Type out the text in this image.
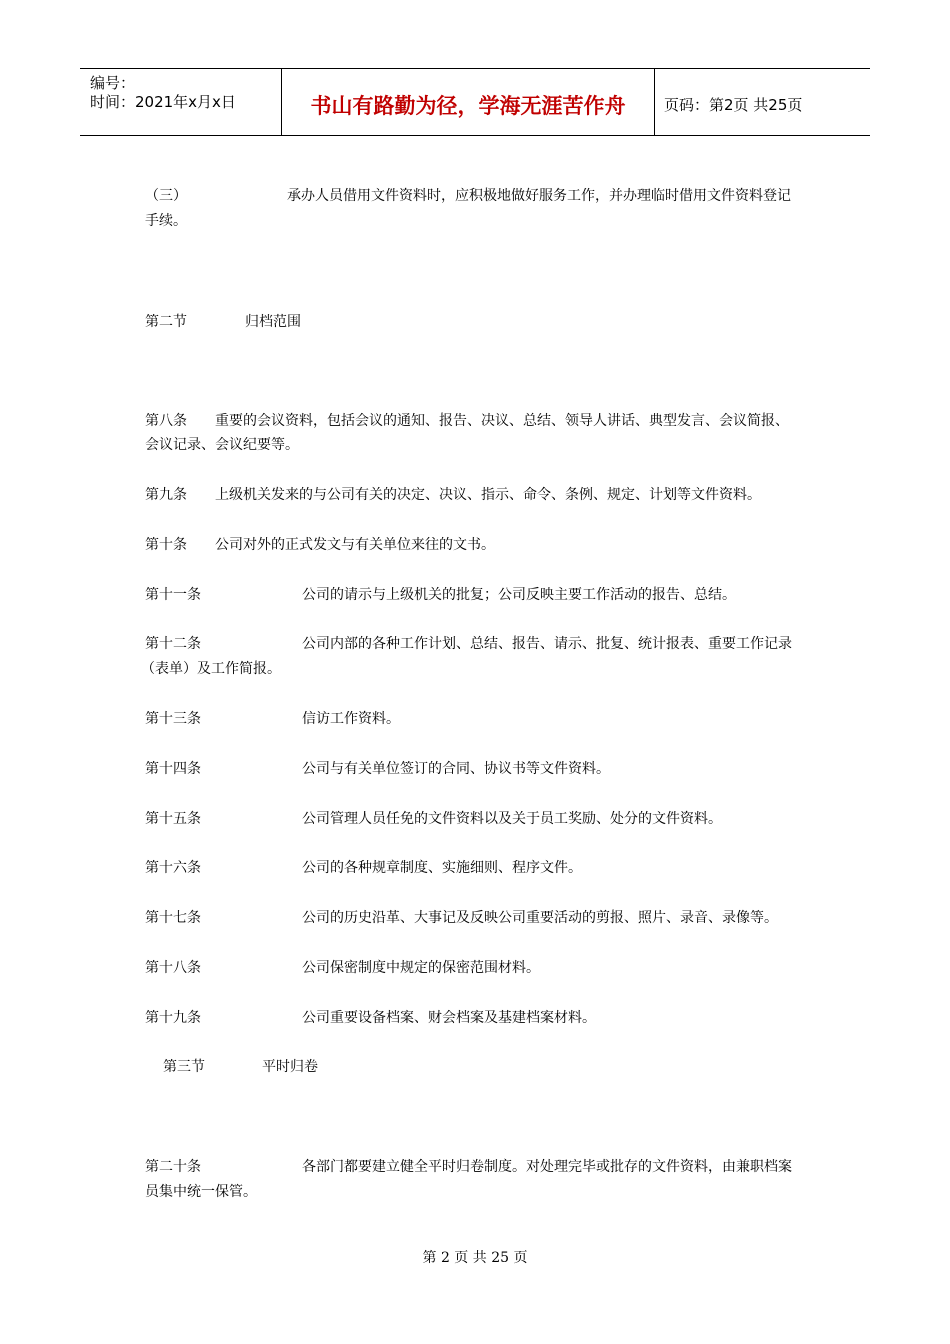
编号：
时间：2021年x月x日	书山有路勤为径，学海无涯苦作舟	页码：第2页 共25页
（三）	承办人员借用文件资料时，应积极地做好服务工作，并办理临时借用文件资料登记
手续。
第二节	归档范围
第八条 重要的会议资料，包括会议的通知、报告、决议、总结、领导人讲话、典型发言、会议简报、
会议记录、会议纪要等。
第九条 上级机关发来的与公司有关的决定、决议、指示、命令、条例、规定、计划等文件资料。
第十条 公司对外的正式发文与有关单位来往的文书。
第十一条	公司的请示与上级机关的批复；公司反映主要工作活动的报告、总结。
第十二条	公司内部的各种工作计划、总结、报告、请示、批复、统计报表、重要工作记录
（表单）及工作简报。
第十三条	信访工作资料。
第十四条	公司与有关单位签订的合同、协议书等文件资料。
第十五条	公司管理人员任免的文件资料以及关于员工奖励、处分的文件资料。
第十六条	公司的各种规章制度、实施细则、程序文件。
第十七条	公司的历史沿革、大事记及反映公司重要活动的剪报、照片、录音、录像等。
第十八条	公司保密制度中规定的保密范围材料。
第十九条	公司重要设备档案、财会档案及基建档案材料。
第三节	平时归卷
第二十条	各部门都要建立健全平时归卷制度。对处理完毕或批存的文件资料，由兼职档案
员集中统一保管。
第 2 页 共 25 页
